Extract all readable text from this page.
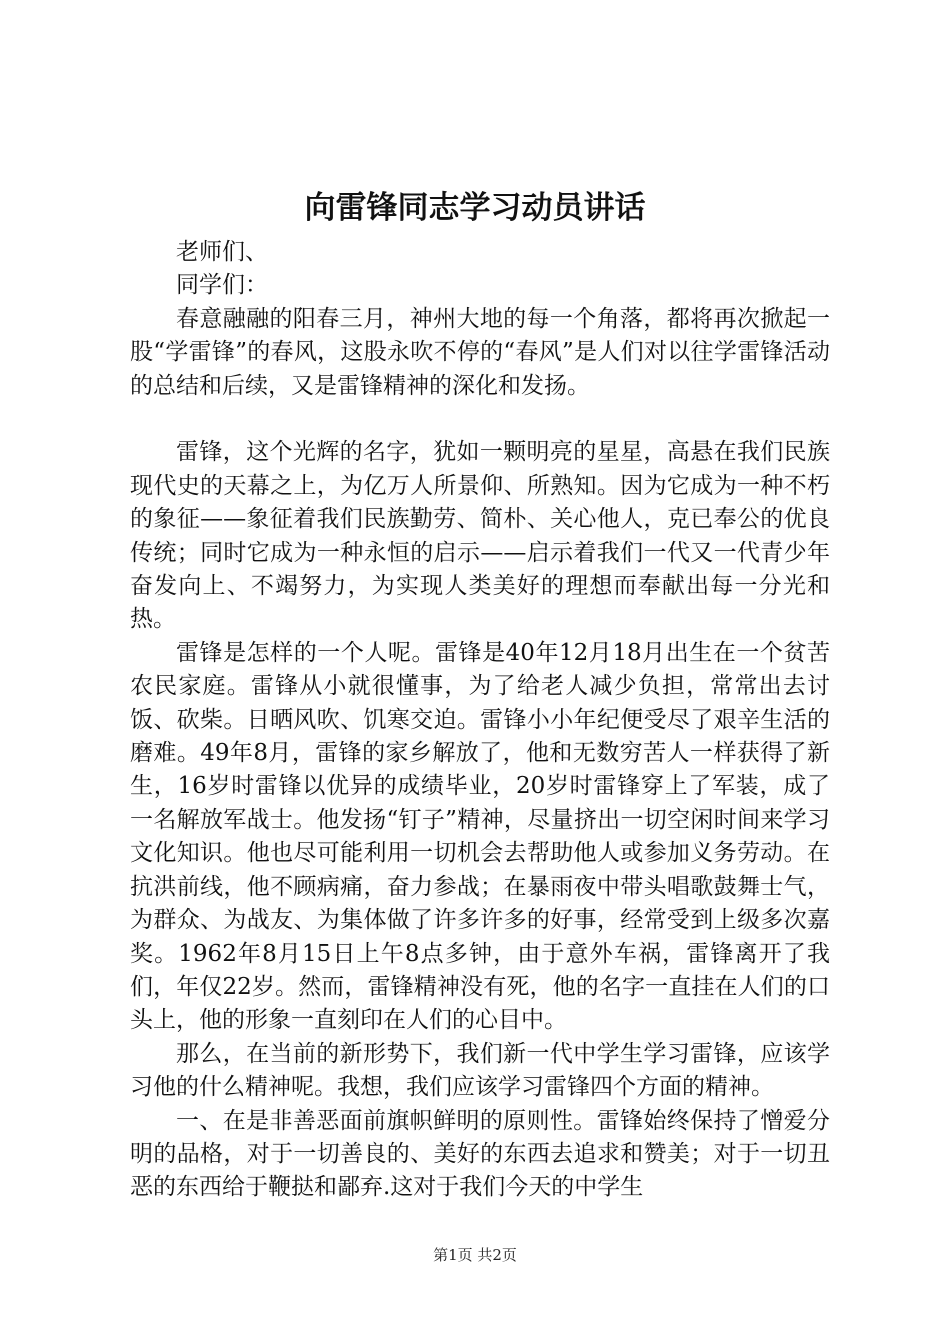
向雷锋同志学习动员讲话

老师们、

同学们：

春意融融的阳春三月，神州大地的每一个角落，都将再次掀起一股“学雷锋”的春风，这股永吹不停的“春风”是人们对以往学雷锋活动的总结和后续，又是雷锋精神的深化和发扬。

雷锋，这个光辉的名字，犹如一颗明亮的星星，高悬在我们民族现代史的天幕之上，为亿万人所景仰、所熟知。因为它成为一种不朽的象征——象征着我们民族勤劳、简朴、关心他人，克已奉公的优良传统；同时它成为一种永恒的启示——启示着我们一代又一代青少年奋发向上、不竭努力，为实现人类美好的理想而奉献出每一分光和热。

雷锋是怎样的一个人呢。雷锋是40年12月18月出生在一个贫苦农民家庭。雷锋从小就很懂事，为了给老人减少负担，常常出去讨饭、砍柴。日晒风吹、饥寒交迫。雷锋小小年纪便受尽了艰辛生活的磨难。49年8月，雷锋的家乡解放了，他和无数穷苦人一样获得了新生，16岁时雷锋以优异的成绩毕业，20岁时雷锋穿上了军装，成了一名解放军战士。他发扬“钉子”精神，尽量挤出一切空闲时间来学习文化知识。他也尽可能利用一切机会去帮助他人或参加义务劳动。在抗洪前线，他不顾病痛，奋力参战；在暴雨夜中带头唱歌鼓舞士气，为群众、为战友、为集体做了许多许多的好事，经常受到上级多次嘉奖。1962年8月15日上午8点多钟，由于意外车祸，雷锋离开了我们，年仅22岁。然而，雷锋精神没有死，他的名字一直挂在人们的口头上，他的形象一直刻印在人们的心目中。

那么，在当前的新形势下，我们新一代中学生学习雷锋，应该学习他的什么精神呢。我想，我们应该学习雷锋四个方面的精神。

一、在是非善恶面前旗帜鲜明的原则性。雷锋始终保持了憎爱分明的品格，对于一切善良的、美好的东西去追求和赞美；对于一切丑恶的东西给于鞭挞和鄙弃.这对于我们今天的中学生

第1页 共2页
